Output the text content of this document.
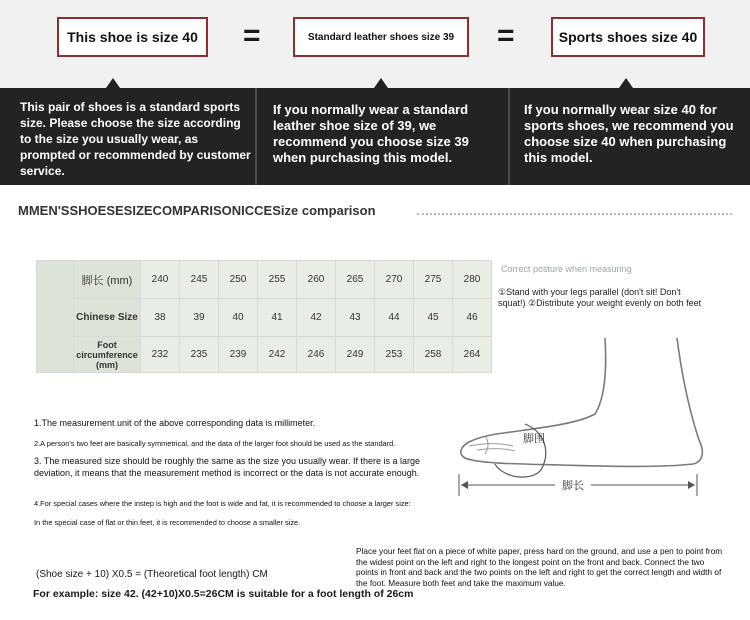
This shoe is size 40 =	Standard leather shoes size 39 =	Sports shoes size 40
This pair of shoes is a standard sports size. Please choose the size according to the size you usually wear, as prompted or recommended by customer service.
If you normally wear a standard leather shoe size of 39, we recommend you choose size 39 when purchasing this model.
If you normally wear size 40 for sports shoes, we recommend you choose size 40 when purchasing this model.
MMEN'SSHOESESIZECOMPARISONICCESize comparison
	脚长 (mm)	240	245	250	255	260	265	270	275	280
	Chinese Size	38	39	40	41	42	43	44	45	46
	Foot circumference (mm)	232	235	239	242	246	249	253	258	264
Correct posture when measuring
①Stand with your legs parallel (don't sit! Don't squat!) ②Distribute your weight evenly on both feet
脚围
脚长
1.The measurement unit of the above corresponding data is millimeter.
2.A person's two feet are basically symmetrical, and the data of the larger foot should be used as the standard.
3. The measured size should be roughly the same as the size you usually wear. If there is a large deviation, it means that the measurement method is incorrect or the data is not accurate enough.
4.For special cases where the instep is high and the foot is wide and fat, it is recommended to choose a larger size:
In the special case of flat or thin feet, it is recommended to choose a smaller size.
(Shoe size + 10) X0.5 = (Theoretical foot length) CM
For example: size 42. (42+10)X0.5=26CM is suitable for a foot length of 26cm
Place your feet flat on a piece of white paper, press hard on the ground, and use a pen to point from the widest point on the left and right to the longest point on the front and back. Connect the two points in front and back and the two points on the left and right to get the correct length and width of the foot. Measure both feet and take the maximum value.
